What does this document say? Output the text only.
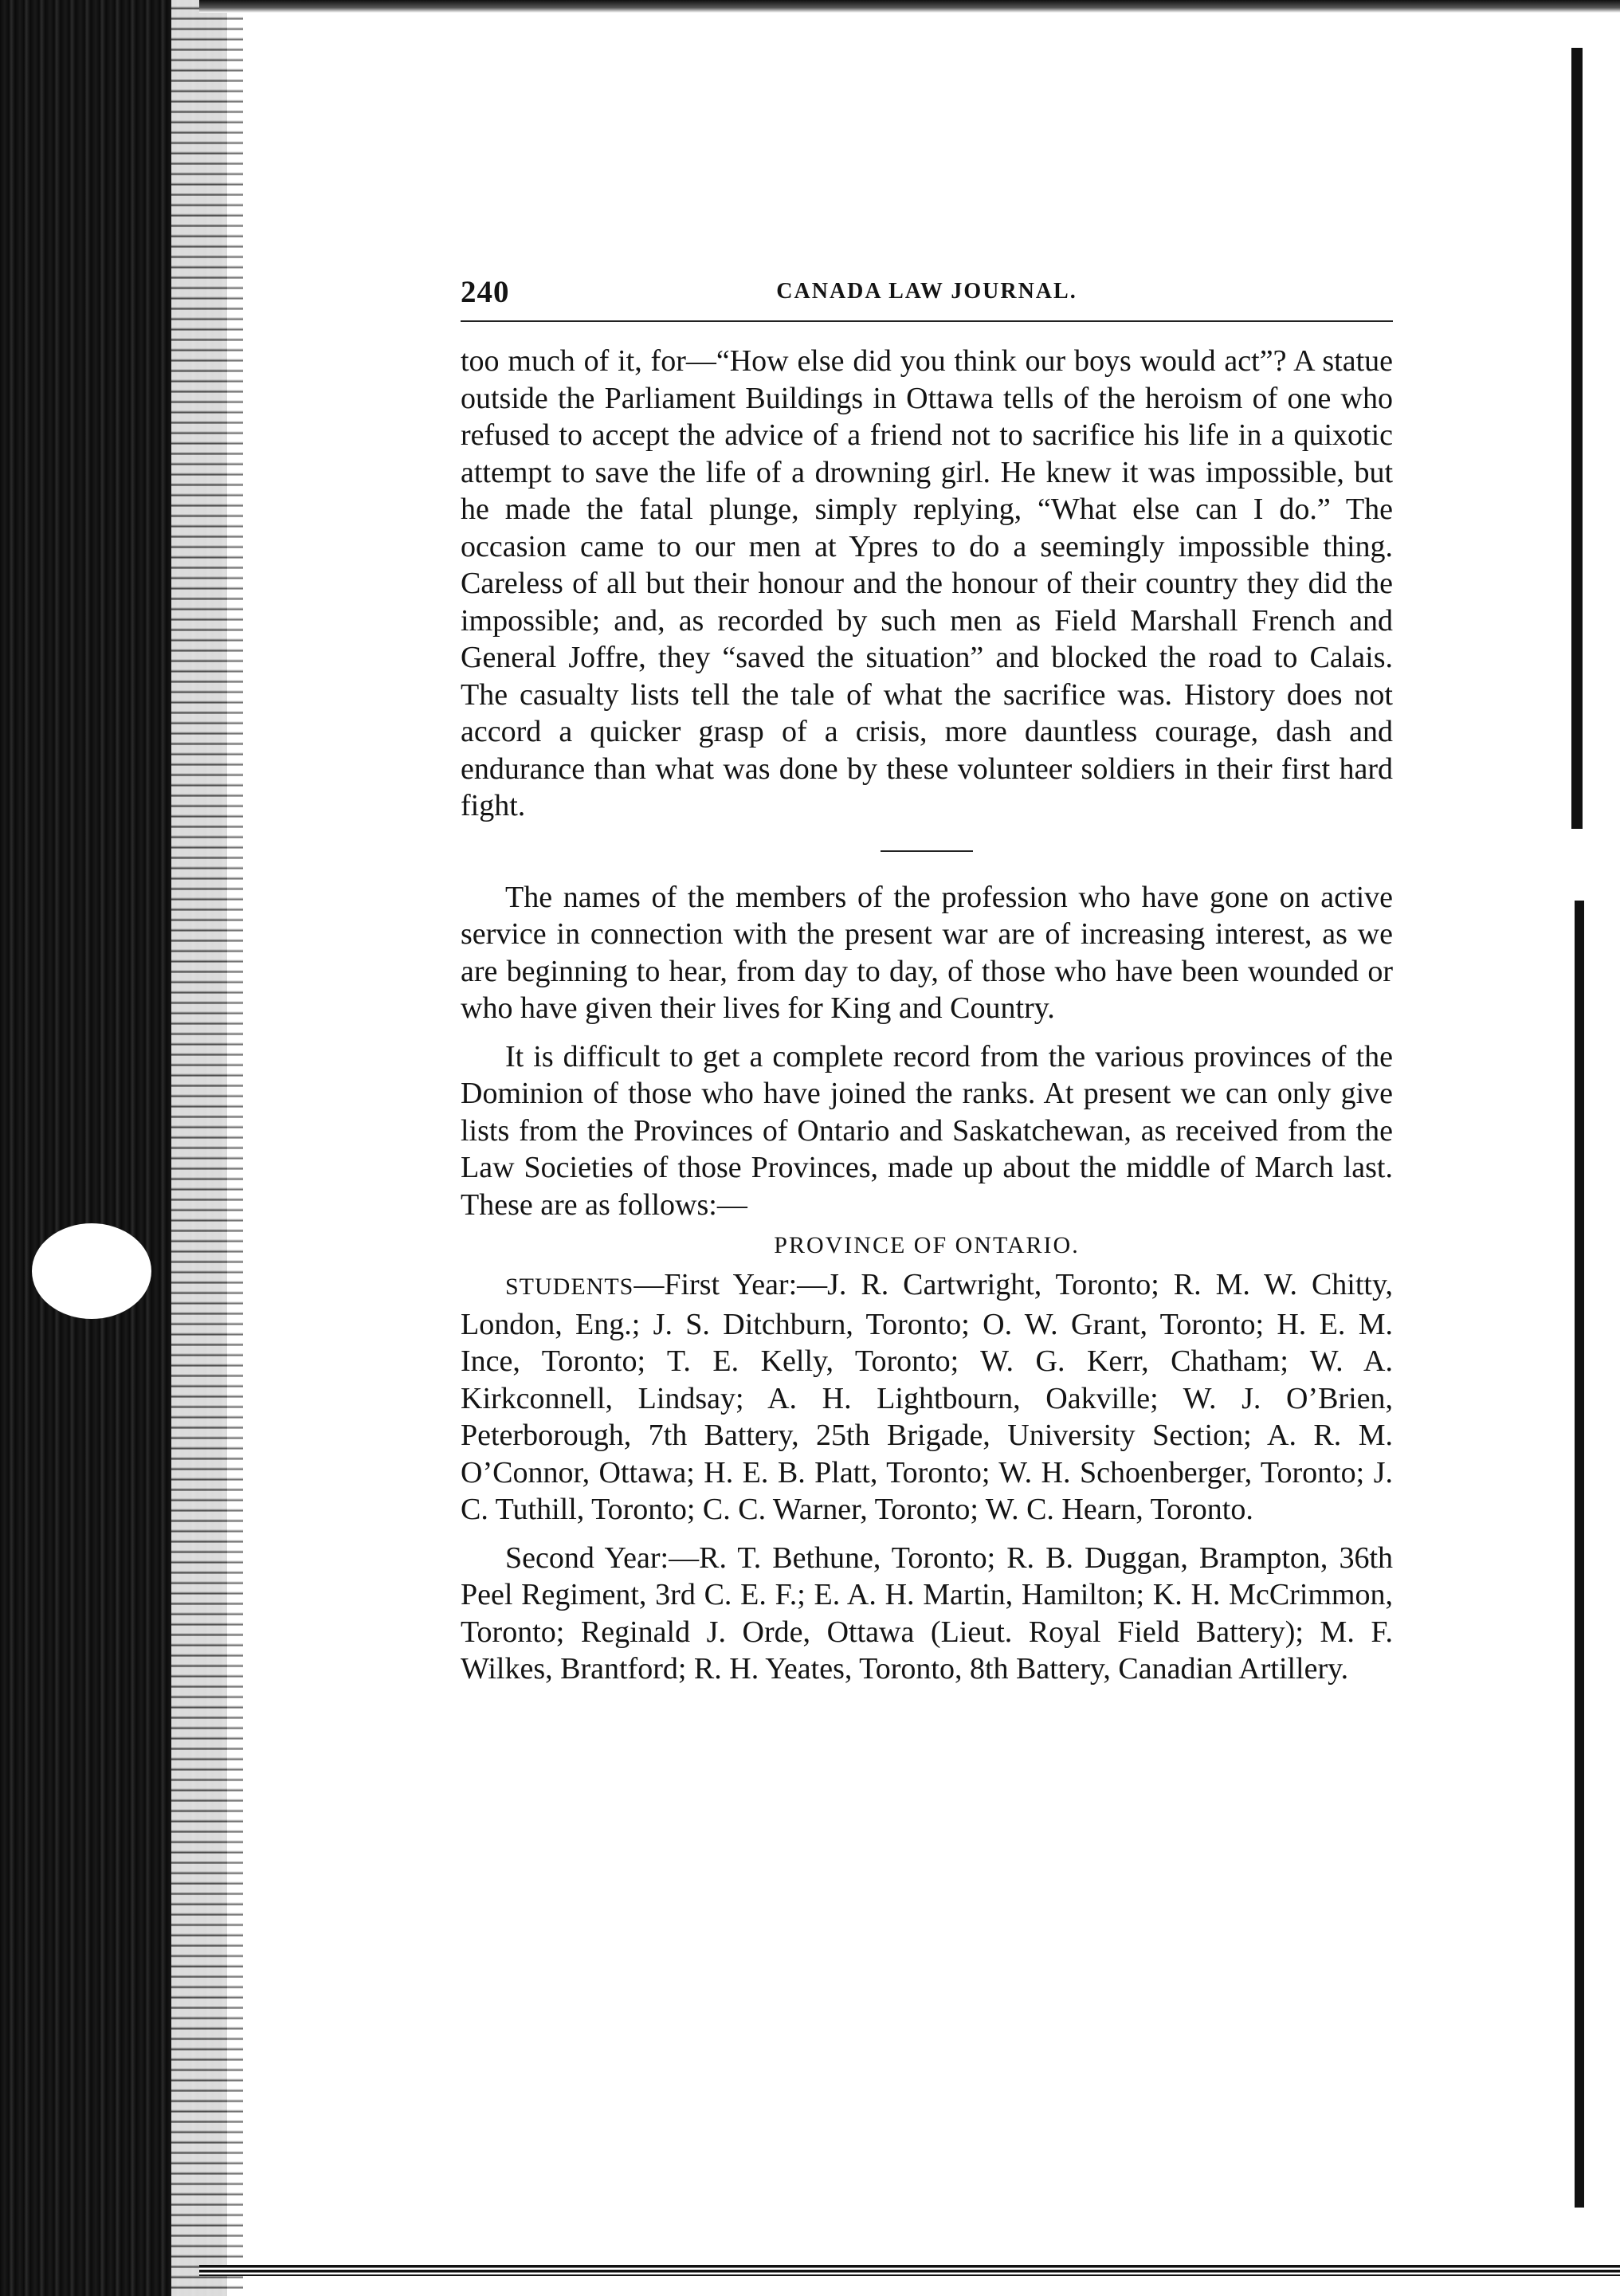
240	CANADA LAW JOURNAL.

too much of it, for—“How else did you think our boys would act”? A statue outside the Parliament Buildings in Ottawa tells of the heroism of one who refused to accept the advice of a friend not to sacrifice his life in a quixotic attempt to save the life of a drowning girl. He knew it was impossible, but he made the fatal plunge, simply replying, “What else can I do.” The occasion came to our men at Ypres to do a seemingly impossible thing. Careless of all but their honour and the honour of their country they did the impossible; and, as recorded by such men as Field Marshall French and General Joffre, they “saved the situation” and blocked the road to Calais. The casualty lists tell the tale of what the sacrifice was. History does not accord a quicker grasp of a crisis, more dauntless courage, dash and endurance than what was done by these volunteer soldiers in their first hard fight.

The names of the members of the profession who have gone on active service in connection with the present war are of increasing interest, as we are beginning to hear, from day to day, of those who have been wounded or who have given their lives for King and Country.

It is difficult to get a complete record from the various provinces of the Dominion of those who have joined the ranks. At present we can only give lists from the Provinces of Ontario and Saskatchewan, as received from the Law Societies of those Provinces, made up about the middle of March last. These are as follows:—

PROVINCE OF ONTARIO.

STUDENTS—First Year:—J. R. Cartwright, Toronto; R. M. W. Chitty, London, Eng.; J. S. Ditchburn, Toronto; O. W. Grant, Toronto; H. E. M. Ince, Toronto; T. E. Kelly, Toronto; W. G. Kerr, Chatham; W. A. Kirkconnell, Lindsay; A. H. Lightbourn, Oakville; W. J. O’Brien, Peterborough, 7th Battery, 25th Brigade, University Section; A. R. M. O’Connor, Ottawa; H. E. B. Platt, Toronto; W. H. Schoenberger, Toronto; J. C. Tuthill, Toronto; C. C. Warner, Toronto; W. C. Hearn, Toronto.

Second Year:—R. T. Bethune, Toronto; R. B. Duggan, Brampton, 36th Peel Regiment, 3rd C. E. F.; E. A. H. Martin, Hamilton; K. H. McCrimmon, Toronto; Reginald J. Orde, Ottawa (Lieut. Royal Field Battery); M. F. Wilkes, Brantford; R. H. Yeates, Toronto, 8th Battery, Canadian Artillery.
